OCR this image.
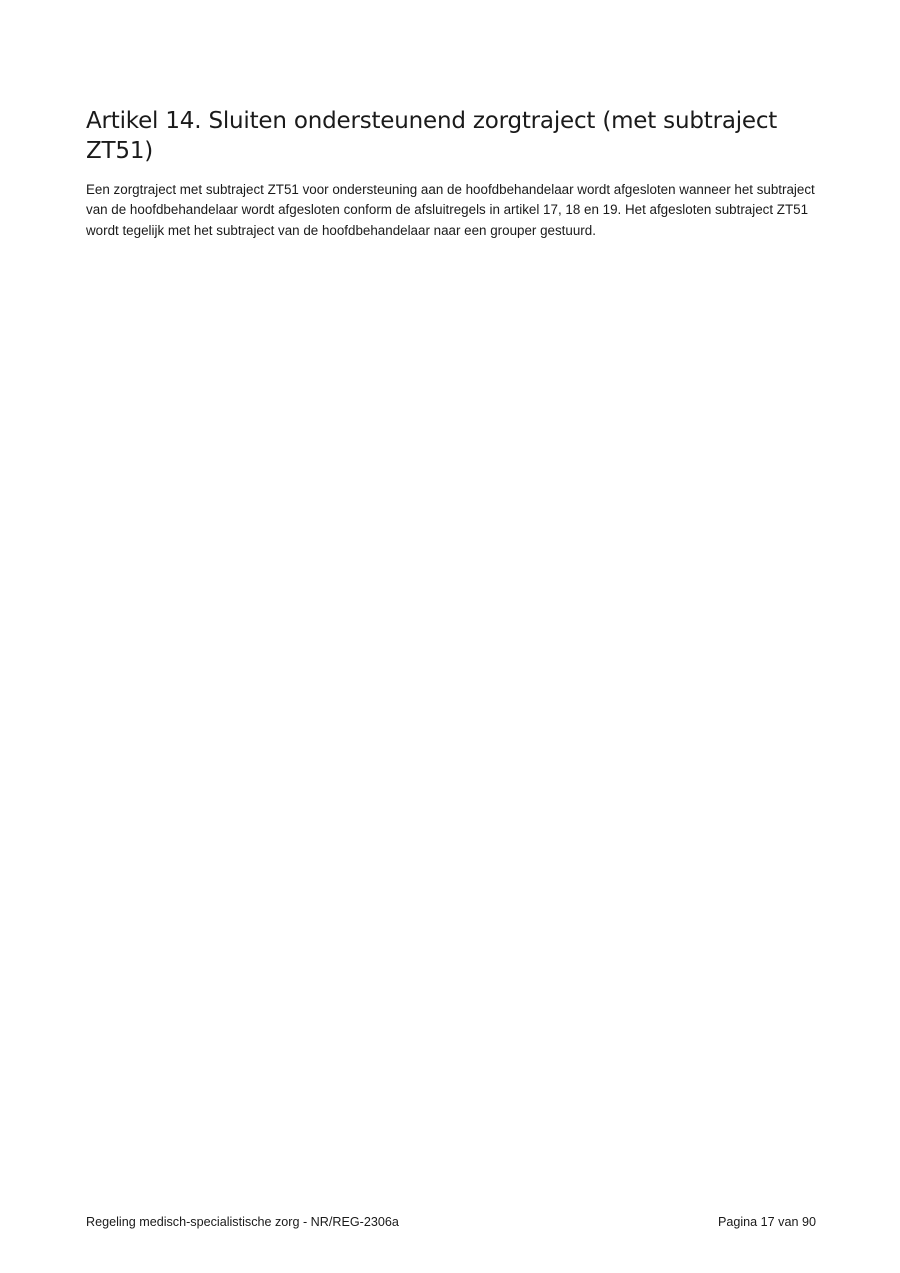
Artikel 14. Sluiten ondersteunend zorgtraject (met subtraject ZT51)

Een zorgtraject met subtraject ZT51 voor ondersteuning aan de hoofdbehandelaar wordt afgesloten wanneer het subtraject van de hoofdbehandelaar wordt afgesloten conform de afsluitregels in artikel 17, 18 en 19. Het afgesloten subtraject ZT51 wordt tegelijk met het subtraject van de hoofdbehandelaar naar een grouper gestuurd.

Regeling medisch-specialistische zorg - NR/REG-2306a	Pagina 17 van 90
